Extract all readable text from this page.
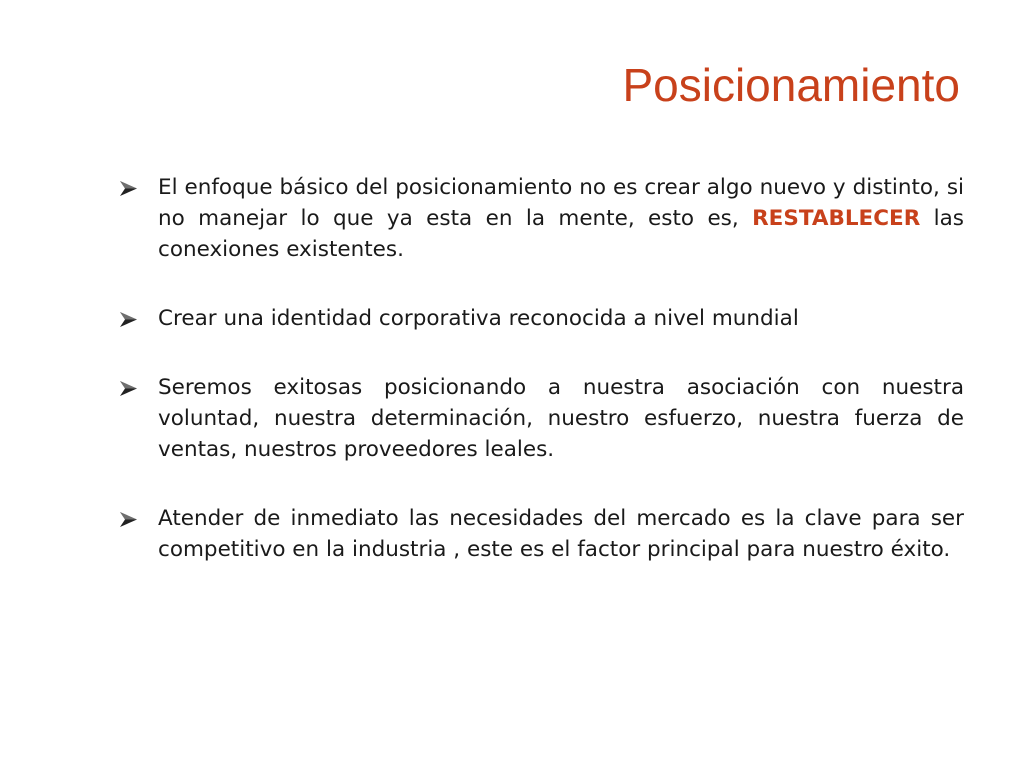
Posicionamiento

El enfoque básico del posicionamiento no es crear algo nuevo y distinto, si no manejar lo que ya esta en la mente, esto es, RESTABLECER las conexiones existentes.

Crear una identidad corporativa reconocida a nivel mundial

Seremos exitosas posicionando a nuestra asociación con nuestra voluntad, nuestra determinación, nuestro esfuerzo, nuestra fuerza de ventas, nuestros proveedores leales.

Atender de inmediato las necesidades del mercado es la clave para ser competitivo en la industria , este es el factor principal para nuestro éxito.
